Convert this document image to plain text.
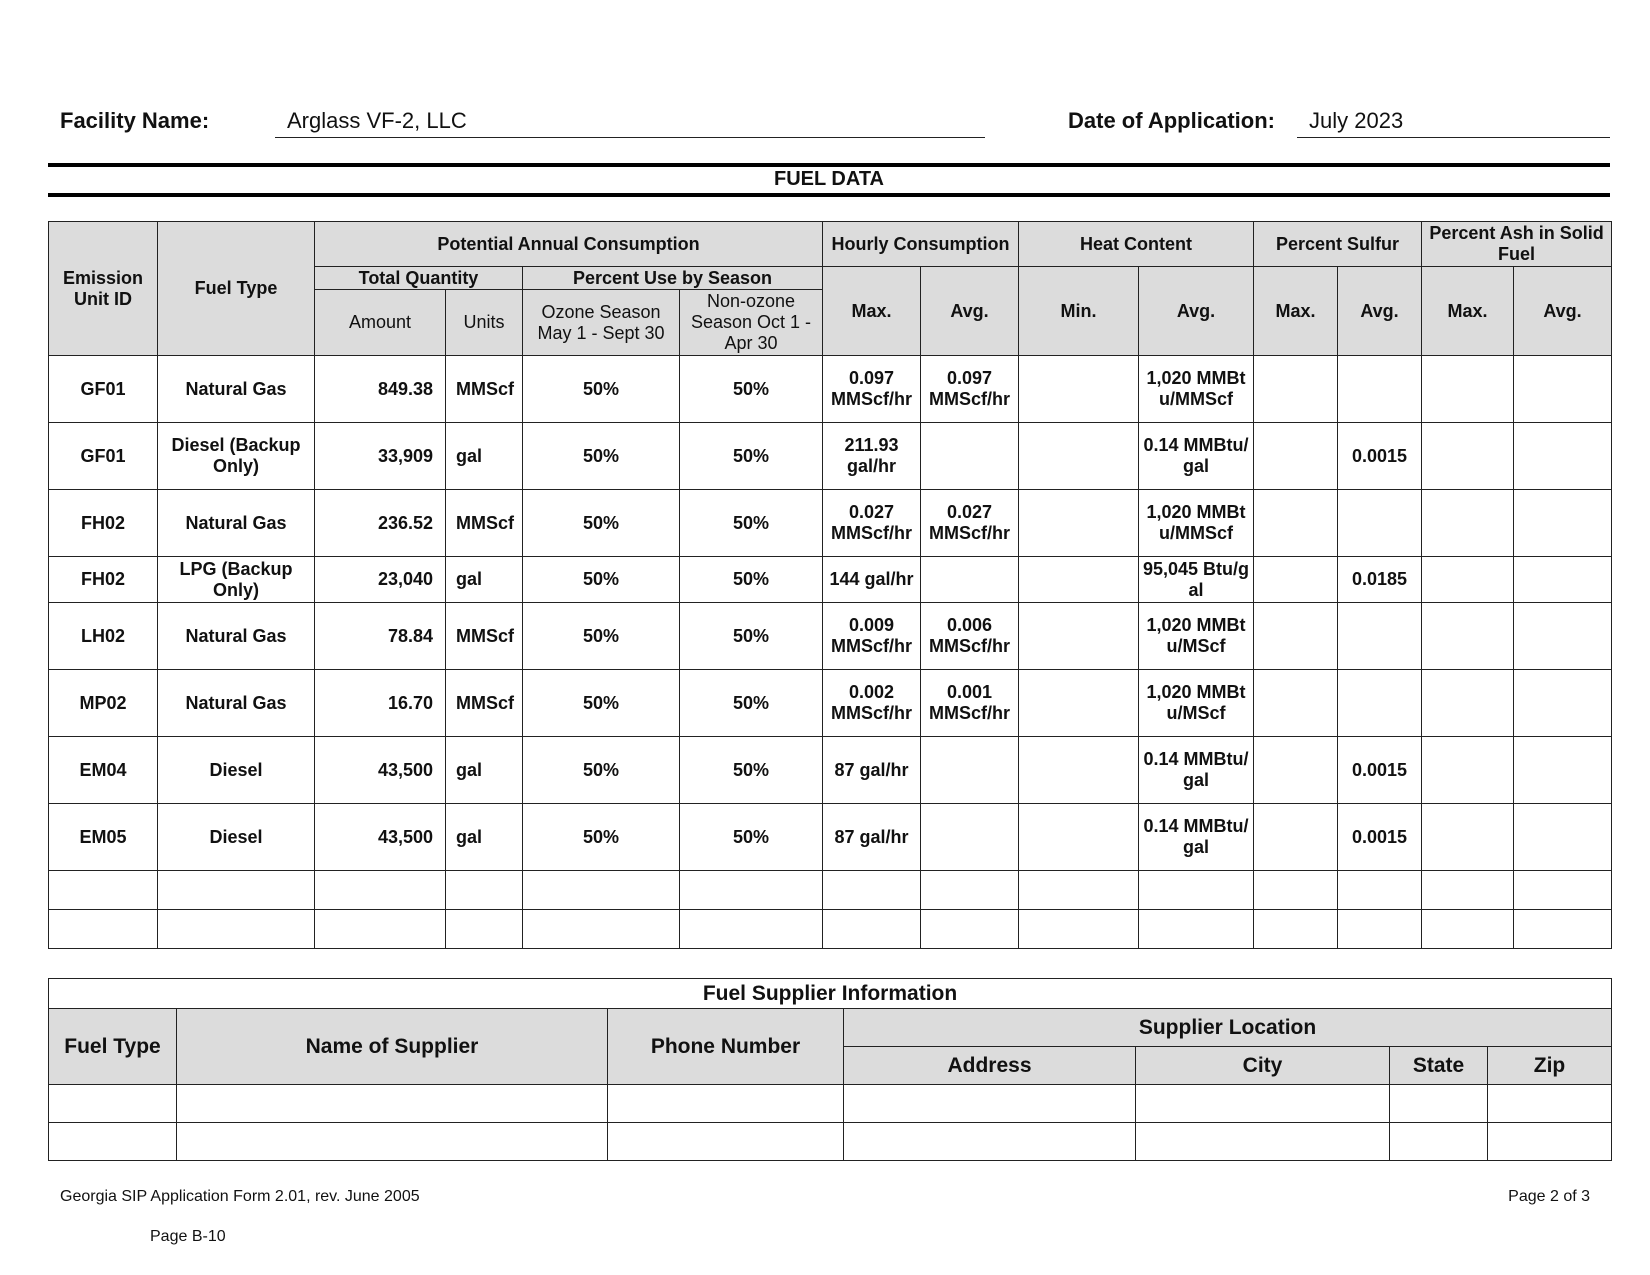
Facility Name:	Arglass VF-2, LLC	Date of Application:	July 2023
FUEL DATA
Emission Unit ID	Fuel Type	Potential Annual Consumption				Hourly Consumption		Heat Content		Percent Sulfur		Percent Ash in Solid Fuel	
		Total Quantity		Percent Use by Season		Max.	Avg.	Min.	Avg.	Max.	Avg.	Max.	Avg.
		Amount	Units	Ozone Season May 1 - Sept 30	Non-ozone Season Oct 1 - Apr 30								
GF01	Natural Gas	849.38	MMScf	50%	50%	0.097 MMScf/hr	0.097 MMScf/hr		1,020 MMBtu/MMScf				
GF01	Diesel (Backup Only)	33,909	gal	50%	50%	211.93 gal/hr			0.14 MMBtu/gal		0.0015		
FH02	Natural Gas	236.52	MMScf	50%	50%	0.027 MMScf/hr	0.027 MMScf/hr		1,020 MMBtu/MMScf				
FH02	LPG (Backup Only)	23,040	gal	50%	50%	144 gal/hr			95,045 Btu/gal		0.0185		
LH02	Natural Gas	78.84	MMScf	50%	50%	0.009 MMScf/hr	0.006 MMScf/hr		1,020 MMBtu/MScf				
MP02	Natural Gas	16.70	MMScf	50%	50%	0.002 MMScf/hr	0.001 MMScf/hr		1,020 MMBtu/MScf				
EM04	Diesel	43,500	gal	50%	50%	87 gal/hr			0.14 MMBtu/gal		0.0015		
EM05	Diesel	43,500	gal	50%	50%	87 gal/hr			0.14 MMBtu/gal		0.0015		

Fuel Supplier Information						
Fuel Type	Name of Supplier	Phone Number	Supplier Location			
			Address	City	State	Zip

Georgia SIP Application Form 2.01, rev. June 2005	Page 2 of 3
Page B-10
